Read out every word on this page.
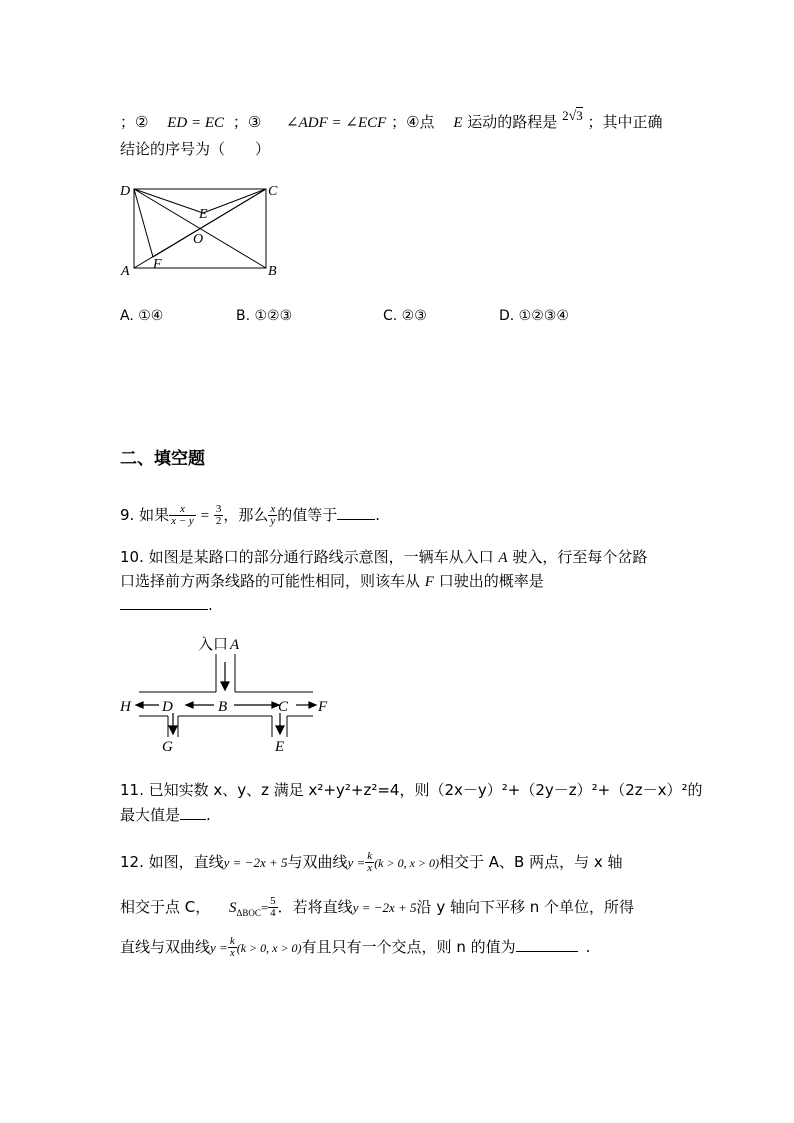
；② ED = EC ；③ ∠ADF = ∠ECF ；④点 E 运动的路程是 2√3 ；其中正确
结论的序号为（　　）
D	C
E
O
A F	B
A. ①④	B. ①②③	C. ②③	D. ①②③④
二、填空题
9. 如果 $\frac{x}{x - y} = \frac{3}{2}$ ，那么 $\frac{x}{y}$ 的值等于	.
10. 如图是某路口的部分通行路线示意图，一辆车从入口 A 驶入，行至每个岔路
口选择前方两条线路的可能性相同，则该车从 F 口驶出的概率是
.
入口 A
H D	B	C F
G	E
11. 已知实数 x、y、z 满足 x²+y²+z²=4，则（2x－y）²+（2y－z）²+（2z－x）²的
最大值是 .
12. 如图，直线y = −2x + 5与双曲线$y = \frac{k}{x} (k > 0$, x > 0)相交于 A、B 两点，与 x 轴
相交于点 C， $S_{\Delta BOC}= \frac{5}{4}$ ．若将直线y = −2x + 5沿 y 轴向下平移 n 个单位，所得
直线与双曲线$y = \frac{k}{x} (k > 0$, x > 0)有且只有一个交点，则 n 的值为	.
